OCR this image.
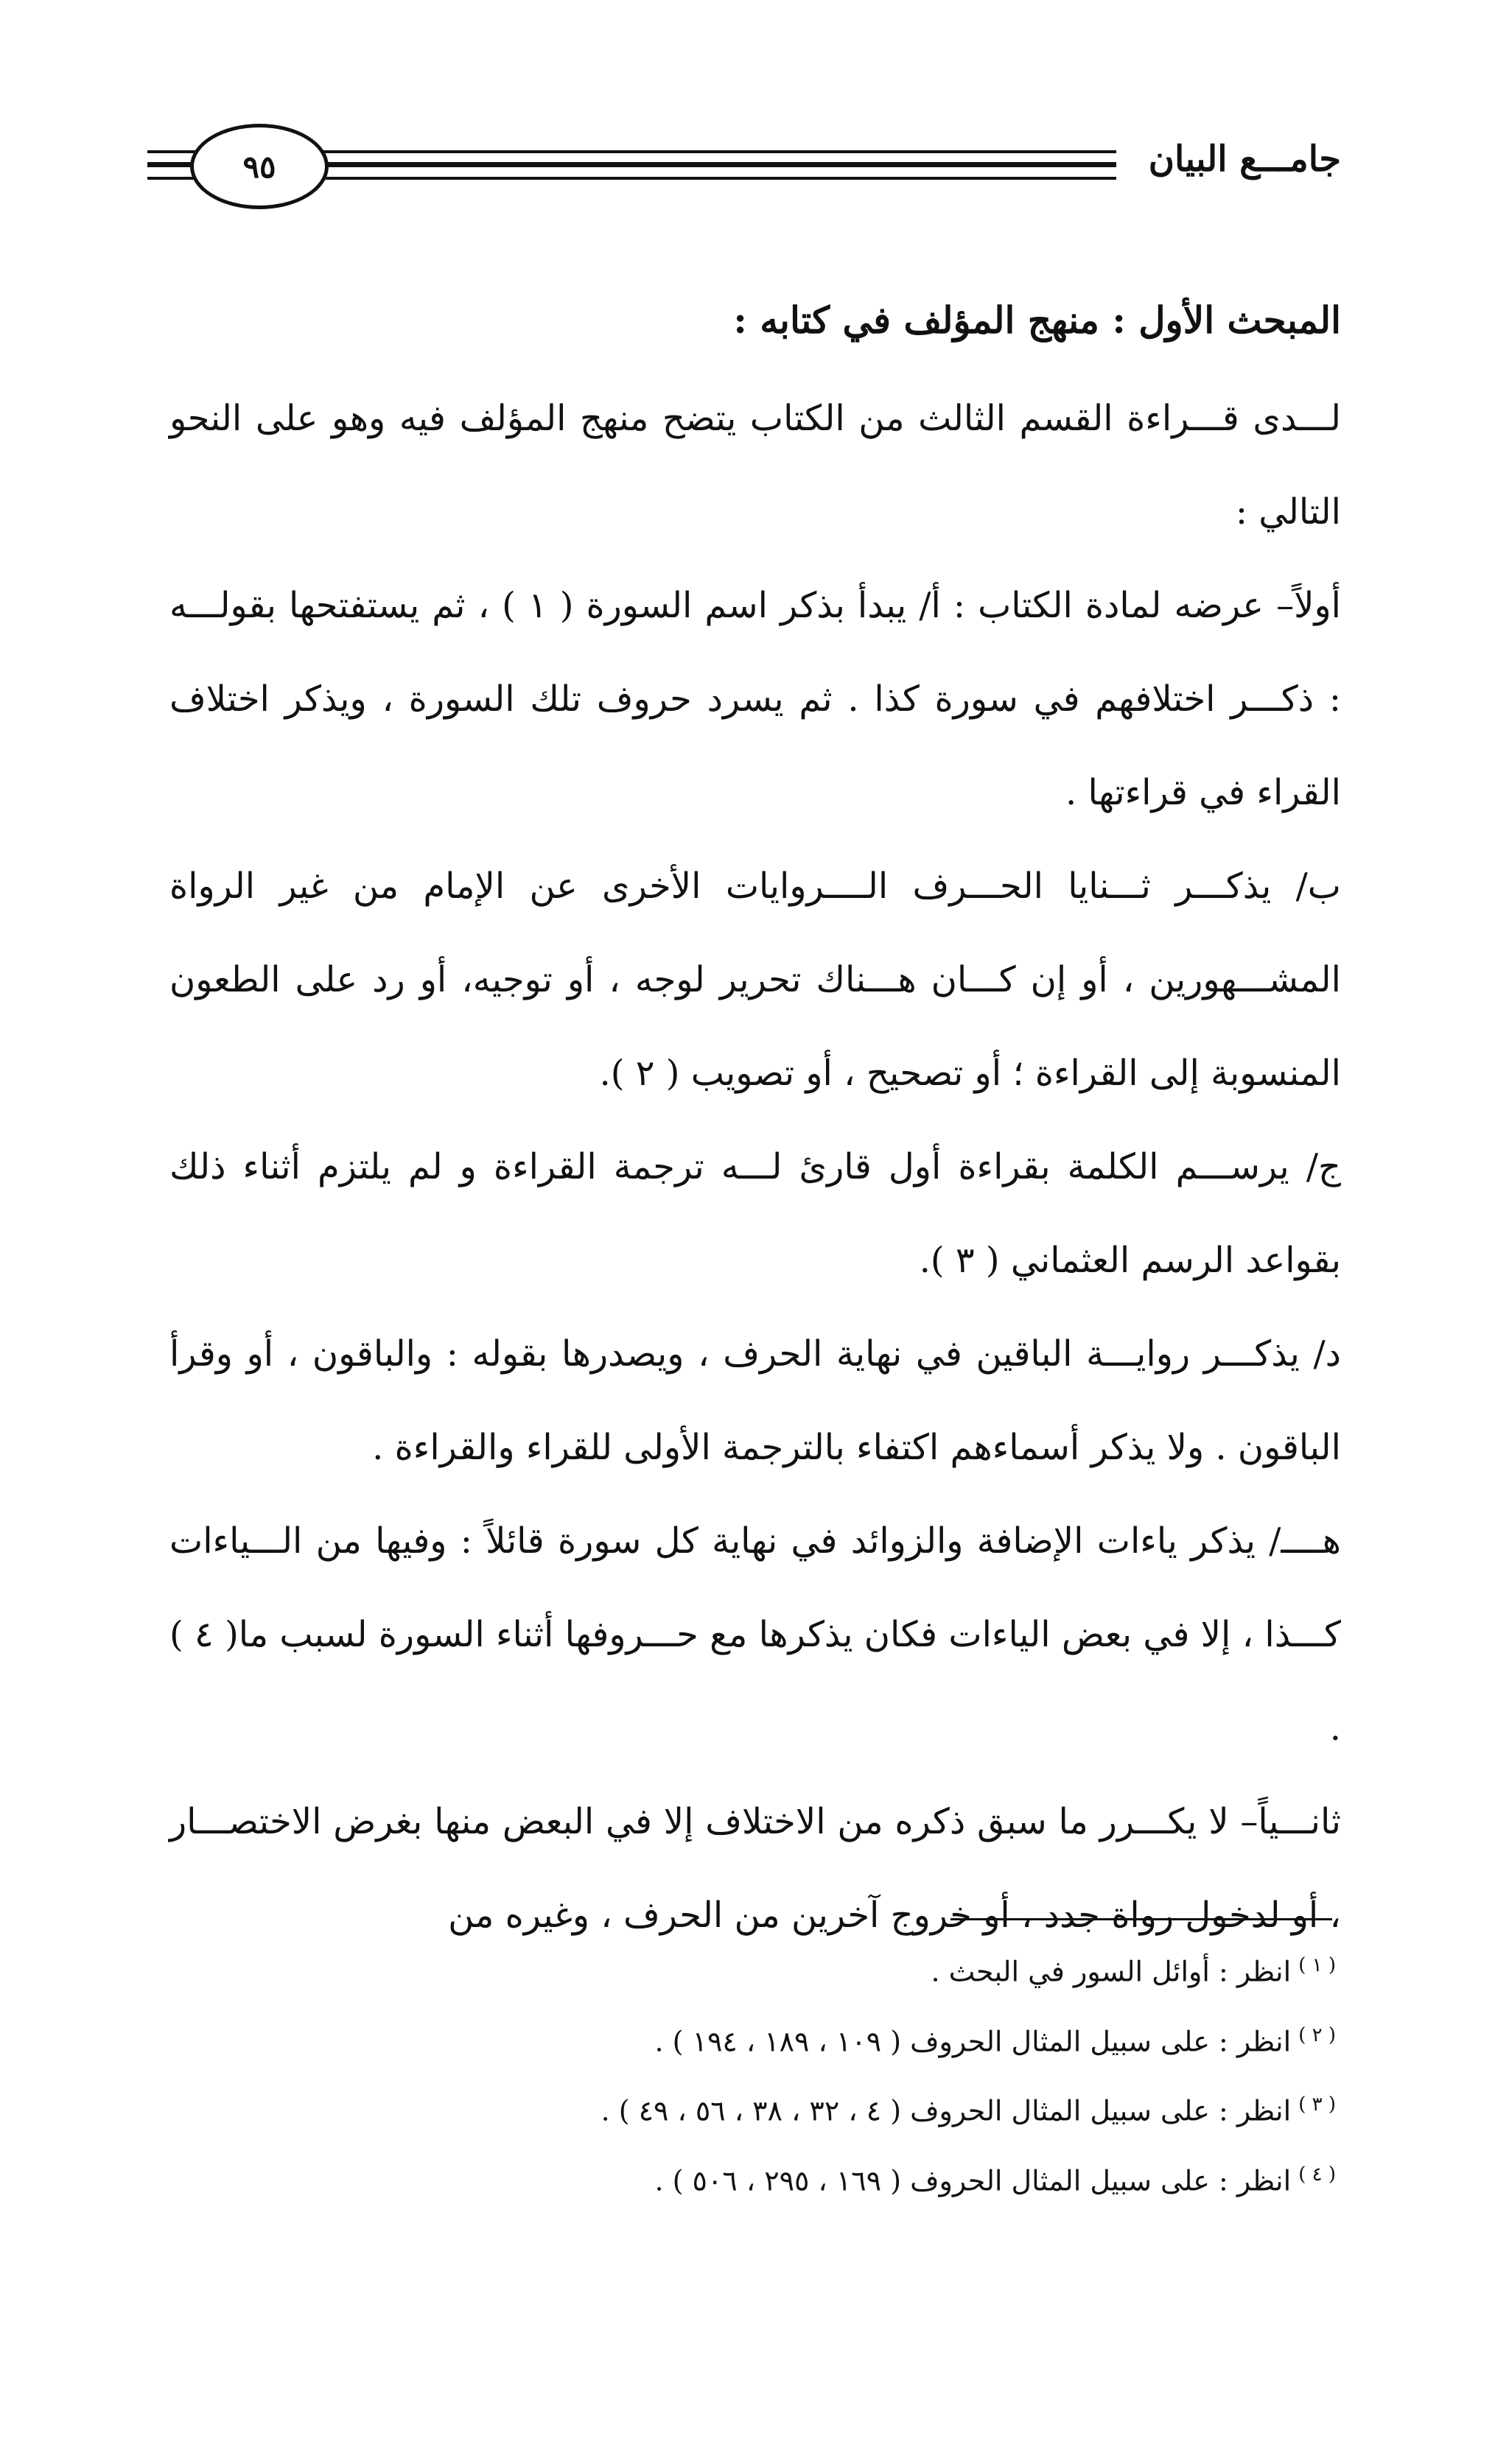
٩٥	جامـــع البيان

المبحث الأول : منهج المؤلف في كتابه :

لـــدى قـــراءة القسم الثالث من الكتاب يتضح منهج المؤلف فيه وهو على النحو التالي :

أولاً– عرضه لمادة الكتاب : أ/ يبدأ بذكر اسم السورة ( ١ ) ، ثم يستفتحها بقولـــه : ذكـــر اختلافهم في سورة كذا . ثم يسرد حروف تلك السورة ، ويذكر اختلاف القراء في قراءتها .

ب/ يذكـــر ثـــنايا الحـــرف الــــروايات الأخرى عن الإمام من غير الرواة المشـــهورين ، أو إن كـــان هـــناك تحرير لوجه ، أو توجيه، أو رد على الطعون المنسوبة إلى القراءة ؛ أو تصحيح ، أو تصويب ( ٢ ).

ج/ يرســـم الكلمة بقراءة أول قارئ لـــه ترجمة القراءة و لم يلتزم أثناء ذلك بقواعد الرسم العثماني ( ٣ ).

د/ يذكـــر روايـــة الباقين في نهاية الحرف ، ويصدرها بقوله : والباقون ، أو وقرأ الباقون . ولا يذكر أسماءهم اكتفاء بالترجمة الأولى للقراء والقراءة .

هــــ/ يذكر ياءات الإضافة والزوائد في نهاية كل سورة قائلاً : وفيها من الـــياءات كـــذا ، إلا في بعض الياءات فكان يذكرها مع حـــروفها أثناء السورة لسبب ما( ٤ ) .

ثانـــياً– لا يكـــرر ما سبق ذكره من الاختلاف إلا في البعض منها بغرض الاختصـــار ، أو لدخول رواة جدد ، أو خروج آخرين من الحرف ، وغيره من

$^{( ١ )}$انظر : أوائل السور في البحث .

$^{( ٢ )}$انظر : على سبيل المثال الحروف ( ١٠٩ ، ١٨٩ ، ١٩٤ ) .

$^{( ٣ )}$انظر : على سبيل المثال الحروف ( ٤ ، ٣٢ ، ٣٨ ، ٥٦ ، ٤٩ ) .

$^{( ٤ )}$انظر : على سبيل المثال الحروف ( ١٦٩ ، ٢٩٥ ، ٥٠٦ ) .
